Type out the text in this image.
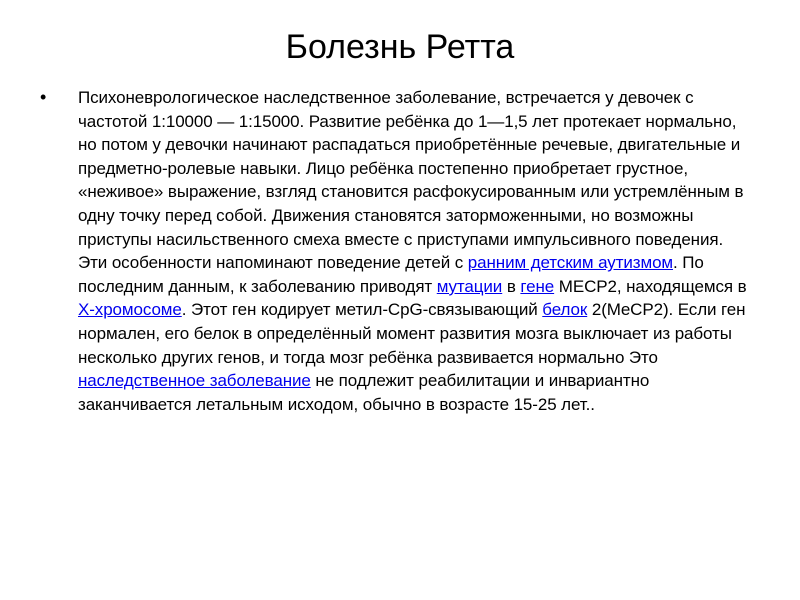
Болезнь Ретта
• Психоневрологическое наследственное заболевание, встречается у девочек с частотой 1:10000 — 1:15000. Развитие ребёнка до 1—1,5 лет протекает нормально, но потом у девочки начинают распадаться приобретённые речевые, двигательные и предметно-ролевые навыки. Лицо ребёнка постепенно приобретает грустное, «неживое» выражение, взгляд становится расфокусированным или устремлённым в одну точку перед собой. Движения становятся заторможенными, но возможны приступы насильственного смеха вместе с приступами импульсивного поведения. Эти особенности напоминают поведение детей с ранним детским аутизмом. По последним данным, к заболеванию приводят мутации в гене MECP2, находящемся в X-хромосоме. Этот ген кодирует метил-CpG-связывающий белок 2(MeCP2). Если ген нормален, его белок в определённый момент развития мозга выключает из работы несколько других генов, и тогда мозг ребёнка развивается нормально Это наследственное заболевание не подлежит реабилитации и инвариантно заканчивается летальным исходом, обычно в возрасте 15-25 лет..
